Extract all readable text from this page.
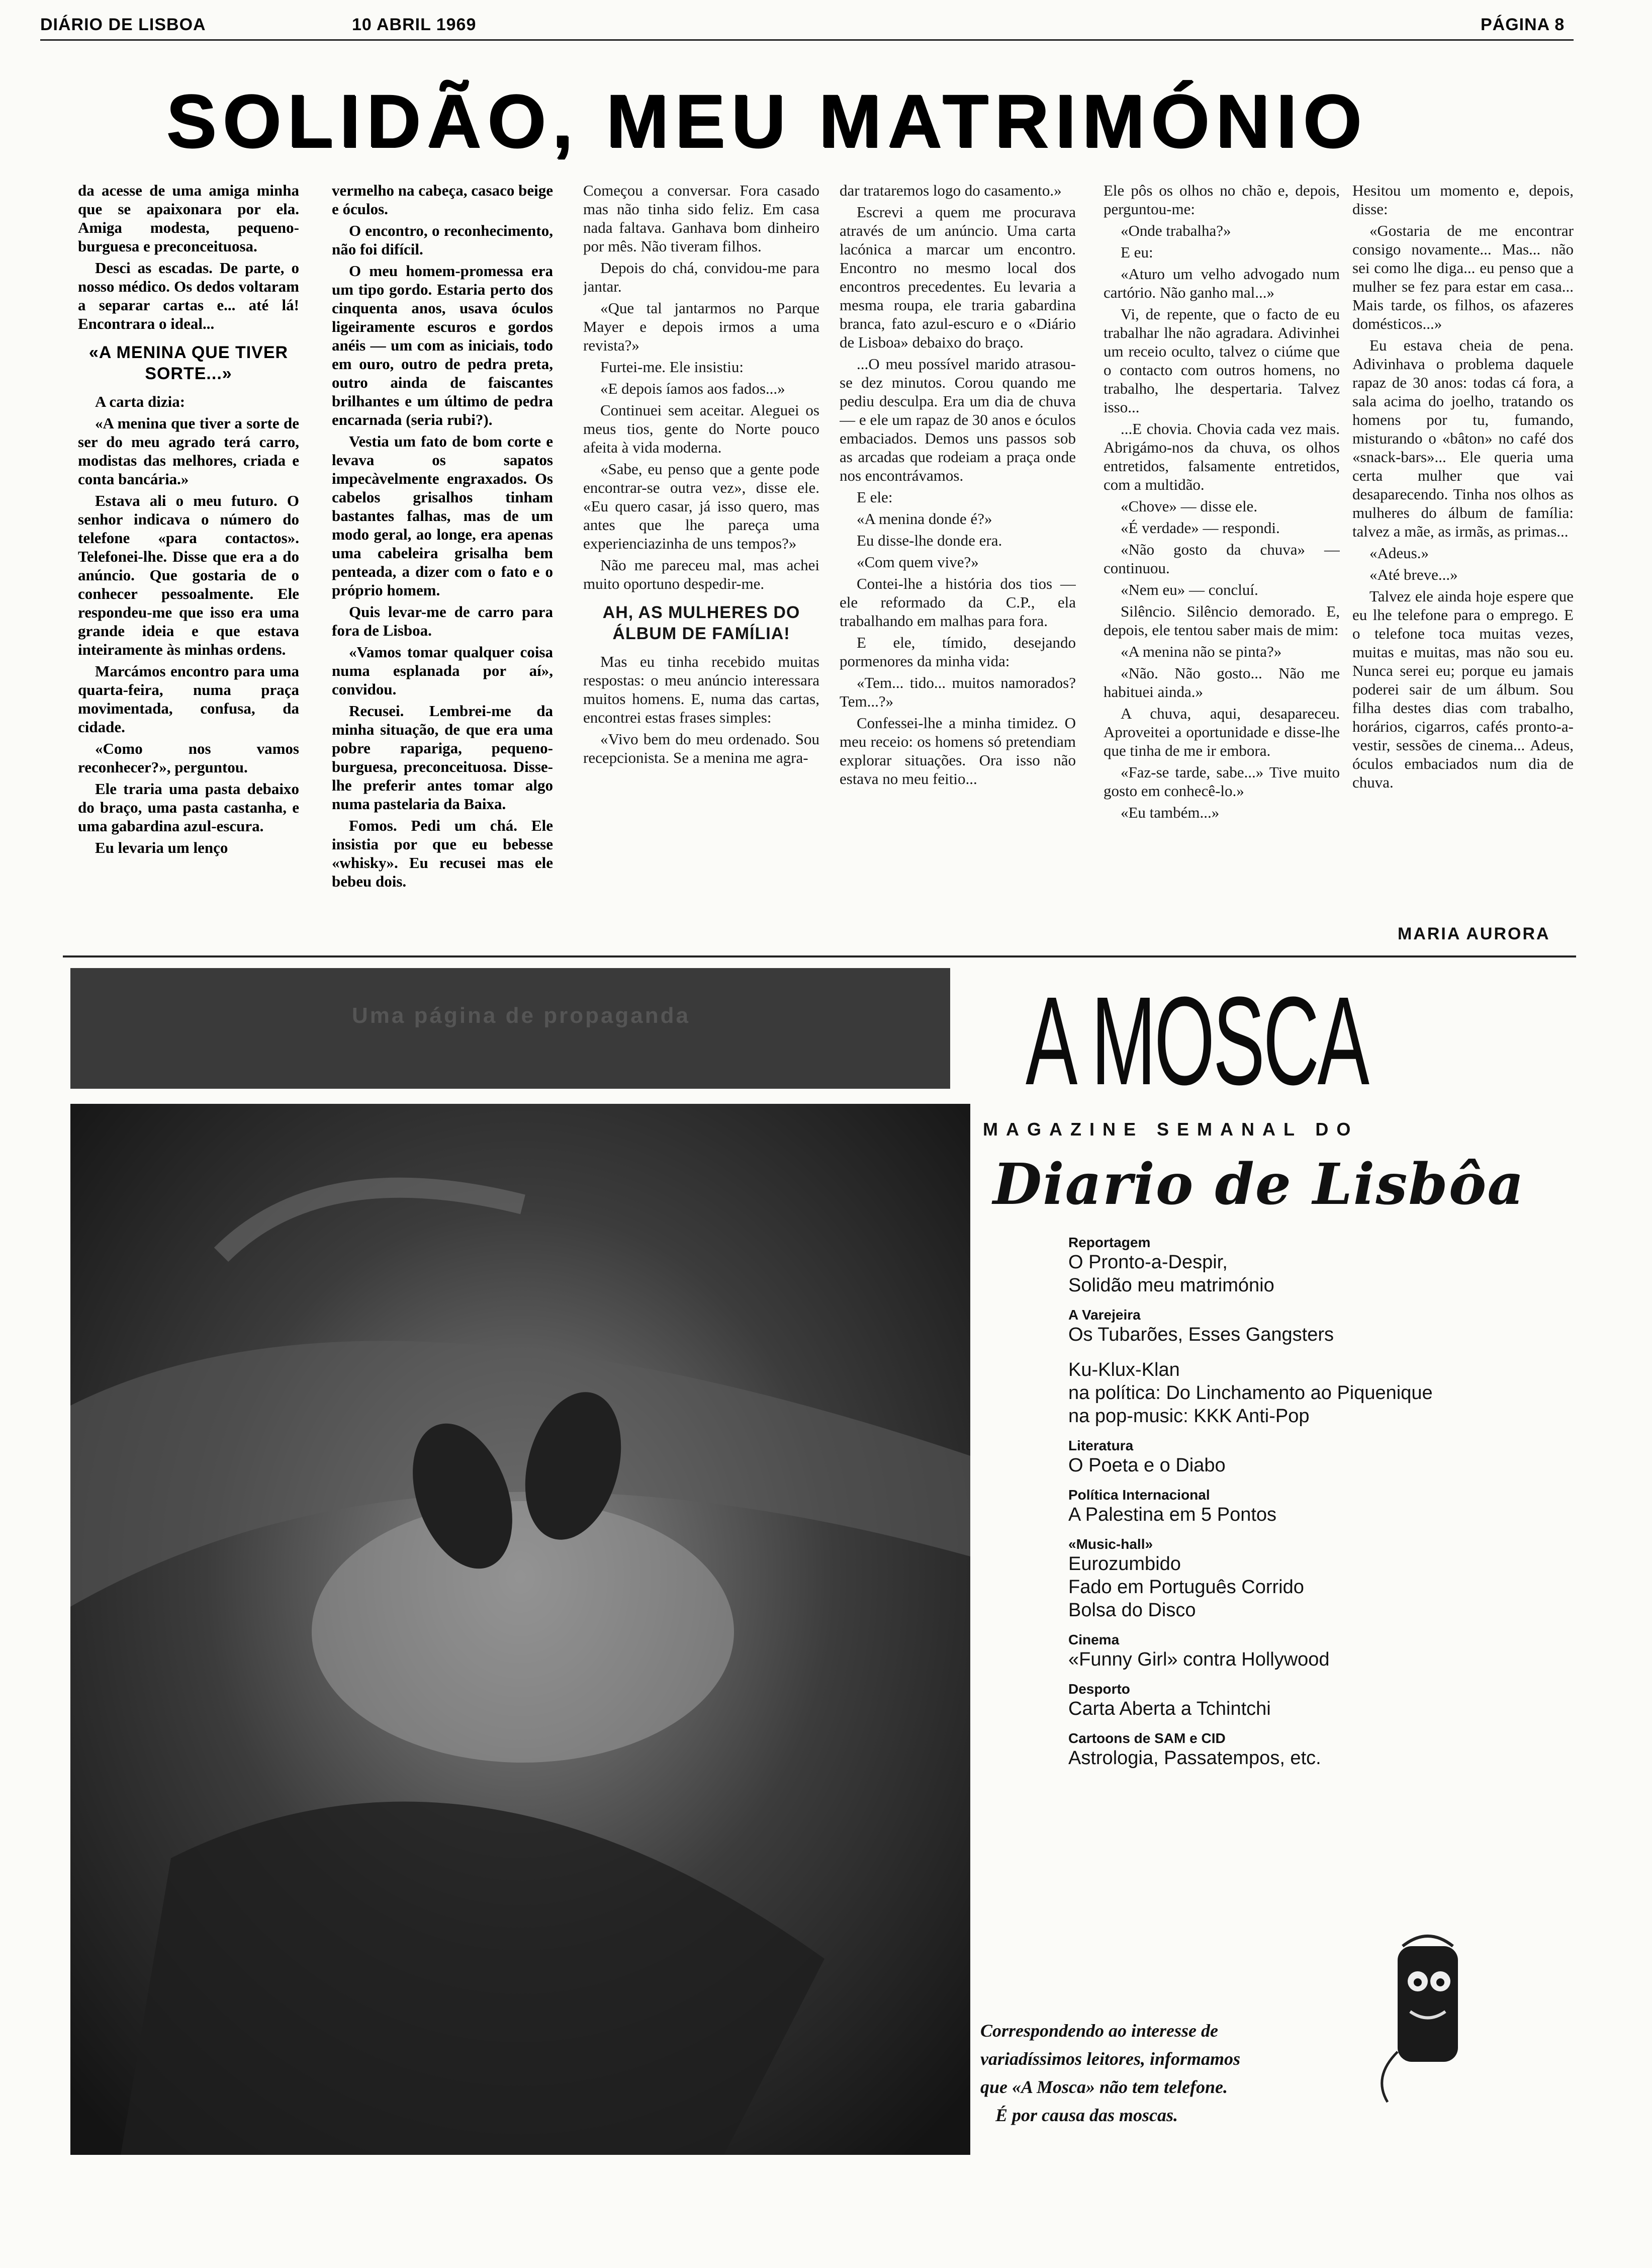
DIÁRIO DE LISBOA	10 ABRIL 1969	PÁGINA 8
SOLIDÃO, MEU MATRIMÓNIO

da acesse de uma amiga minha que se apaixonara por ela. Amiga modesta, pequeno-burguesa e preconceituosa.

Desci as escadas. De parte, o nosso médico. Os dedos voltaram a separar cartas e... até lá! Encontrara o ideal...

«A MENINA QUE TIVER SORTE...»

A carta dizia:

«A menina que tiver a sorte de ser do meu agrado terá carro, modistas das melhores, criada e conta bancária.»

Estava ali o meu futuro. O senhor indicava o número do telefone «para contactos». Telefonei-lhe. Disse que era a do anúncio. Que gostaria de o conhecer pessoalmente. Ele respondeu-me que isso era uma grande ideia e que estava inteiramente às minhas ordens.

Marcámos encontro para uma quarta-feira, numa praça movimentada, confusa, da cidade.

«Como nos vamos reconhecer?», perguntou.

Ele traria uma pasta debaixo do braço, uma pasta castanha, e uma gabardina azul-escura.

Eu levaria um lenço

vermelho na cabeça, casaco beige e óculos.

O encontro, o reconhecimento, não foi difícil.

O meu homem-promessa era um tipo gordo. Estaria perto dos cinquenta anos, usava óculos ligeiramente escuros e gordos anéis — um com as iniciais, todo em ouro, outro de pedra preta, outro ainda de faiscantes brilhantes e um último de pedra encarnada (seria rubi?).

Vestia um fato de bom corte e levava os sapatos impecàvelmente engraxados. Os cabelos grisalhos tinham bastantes falhas, mas de um modo geral, ao longe, era apenas uma cabeleira grisalha bem penteada, a dizer com o fato e o próprio homem.

Quis levar-me de carro para fora de Lisboa.

«Vamos tomar qualquer coisa numa esplanada por aí», convidou.

Recusei. Lembrei-me da minha situação, de que era uma pobre rapariga, pequeno-burguesa, preconceituosa. Disse-lhe preferir antes tomar algo numa pastelaria da Baixa.

Fomos. Pedi um chá. Ele insistia por que eu bebesse «whisky». Eu recusei mas ele bebeu dois.

Começou a conversar. Fora casado mas não tinha sido feliz. Em casa nada faltava. Ganhava bom dinheiro por mês. Não tiveram filhos.

Depois do chá, convidou-me para jantar.

«Que tal jantarmos no Parque Mayer e depois irmos a uma revista?»

Furtei-me. Ele insistiu:

«E depois íamos aos fados...»

Continuei sem aceitar. Aleguei os meus tios, gente do Norte pouco afeita à vida moderna.

«Sabe, eu penso que a gente pode encontrar-se outra vez», disse ele. «Eu quero casar, já isso quero, mas antes que lhe pareça uma experienciazinha de uns tempos?»

Não me pareceu mal, mas achei muito oportuno despedir-me.

AH, AS MULHERES DO ÁLBUM DE FAMÍLIA!

Mas eu tinha recebido muitas respostas: o meu anúncio interessara muitos homens. E, numa das cartas, encontrei estas frases simples:

«Vivo bem do meu ordenado. Sou recepcionista. Se a menina me agra-

dar trataremos logo do casamento.»

Escrevi a quem me procurava através de um anúncio. Uma carta lacónica a marcar um encontro. Encontro no mesmo local dos encontros precedentes. Eu levaria a mesma roupa, ele traria gabardina branca, fato azul-escuro e o «Diário de Lisboa» debaixo do braço.

...O meu possível marido atrasou-se dez minutos. Corou quando me pediu desculpa. Era um dia de chuva — e ele um rapaz de 30 anos e óculos embaciados. Demos uns passos sob as arcadas que rodeiam a praça onde nos encontrávamos.

E ele:

«A menina donde é?»

Eu disse-lhe donde era.

«Com quem vive?»

Contei-lhe a história dos tios — ele reformado da C.P., ela trabalhando em malhas para fora.

E ele, tímido, desejando pormenores da minha vida:

«Tem... tido... muitos namorados? Tem...?»

Confessei-lhe a minha timidez. O meu receio: os homens só pretendiam explorar situações. Ora isso não estava no meu feitio...

Ele pôs os olhos no chão e, depois, perguntou-me:

«Onde trabalha?»

E eu:

«Aturo um velho advogado num cartório. Não ganho mal...»

Vi, de repente, que o facto de eu trabalhar lhe não agradara. Adivinhei um receio oculto, talvez o ciúme que o contacto com outros homens, no trabalho, lhe despertaria. Talvez isso...

...E chovia. Chovia cada vez mais. Abrigámo-nos da chuva, os olhos entretidos, falsamente entretidos, com a multidão.

«Chove» — disse ele.

«É verdade» — respondi.

«Não gosto da chuva» — continuou.

«Nem eu» — concluí.

Silêncio. Silêncio demorado. E, depois, ele tentou saber mais de mim:

«A menina não se pinta?»

«Não. Não gosto... Não me habituei ainda.»

A chuva, aqui, desapareceu. Aproveitei a oportunidade e disse-lhe que tinha de me ir embora.

«Faz-se tarde, sabe...» Tive muito gosto em conhecê-lo.»

«Eu também...»

Hesitou um momento e, depois, disse:

«Gostaria de me encontrar consigo novamente... Mas... não sei como lhe diga... eu penso que a mulher se fez para estar em casa... Mais tarde, os filhos, os afazeres domésticos...»

Eu estava cheia de pena. Adivinhava o problema daquele rapaz de 30 anos: todas cá fora, a sala acima do joelho, tratando os homens por tu, fumando, misturando o «bâton» no café dos «snack-bars»... Ele queria uma certa mulher que vai desaparecendo. Tinha nos olhos as mulheres do álbum de família: talvez a mãe, as irmãs, as primas...

«Adeus.»

«Até breve...»

Talvez ele ainda hoje espere que eu lhe telefone para o emprego. E o telefone toca muitas vezes, muitas e muitas, mas não sou eu. Nunca serei eu; porque eu jamais poderei sair de um álbum. Sou filha destes dias com trabalho, horários, cigarros, cafés pronto-a-vestir, sessões de cinema... Adeus, óculos embaciados num dia de chuva.

MARIA AURORA
Uma página de propaganda	A MOSCA
MAGAZINE SEMANAL DO
Diario de Lisbôa
Reportagem
O Pronto-a-Despir,
Solidão meu matrimónio
A Varejeira
Os Tubarões, Esses Gangsters
Ku-Klux-Klan
na política: Do Linchamento ao Piquenique
na pop-music: KKK Anti-Pop
Literatura
O Poeta e o Diabo
Política Internacional
A Palestina em 5 Pontos
«Music-hall»
Eurozumbido
Fado em Português Corrido
Bolsa do Disco
Cinema
«Funny Girl» contra Hollywood
Desporto
Carta Aberta a Tchintchi
Cartoons de SAM e CID
Astrologia, Passatempos, etc.
Correspondendo ao interesse de
variadíssimos leitores, informamos
que «A Mosca» não tem telefone.
É por causa das moscas.
